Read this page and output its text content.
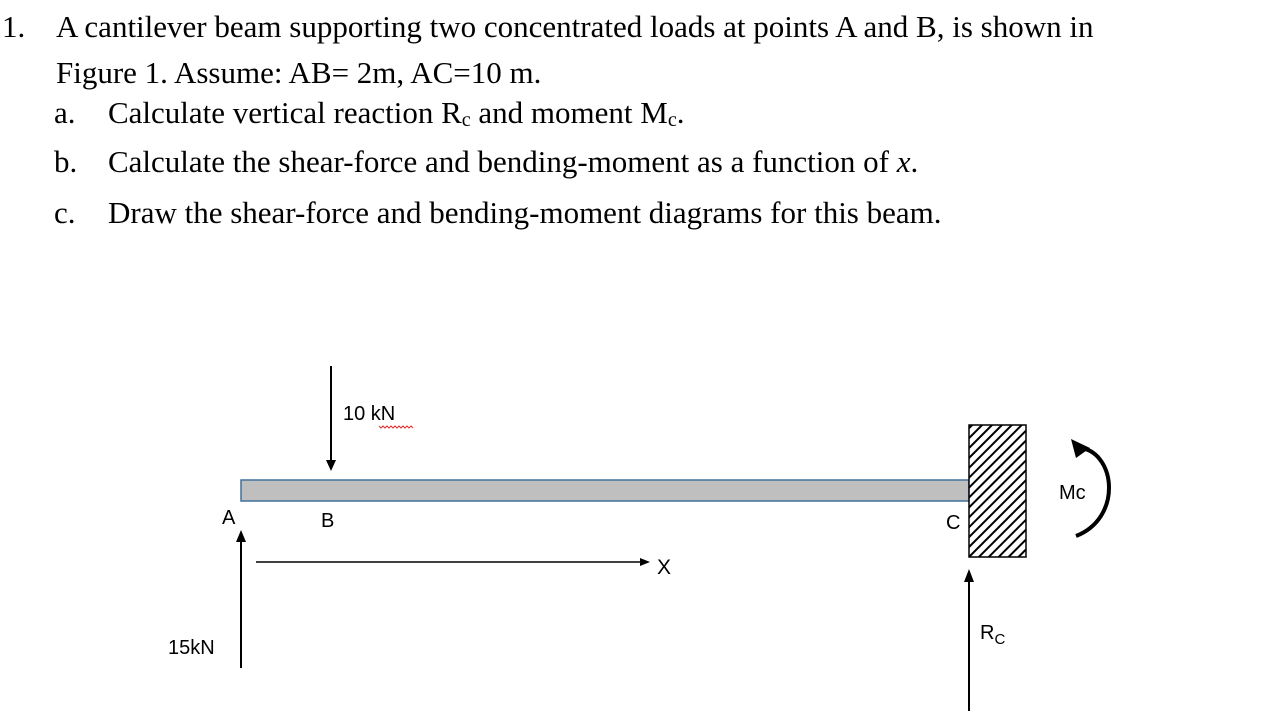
1. A cantilever beam supporting two concentrated loads at points A and B, is shown in
Figure 1. Assume: AB= 2m, AC=10 m.
a. Calculate vertical reaction $R_c$ and moment $M_c$.
b. Calculate the shear-force and bending-moment as a function of x.
c. Draw the shear-force and bending-moment diagrams for this beam.
10 kN
15kN
A	B	C
X
$R_C$
Mc
